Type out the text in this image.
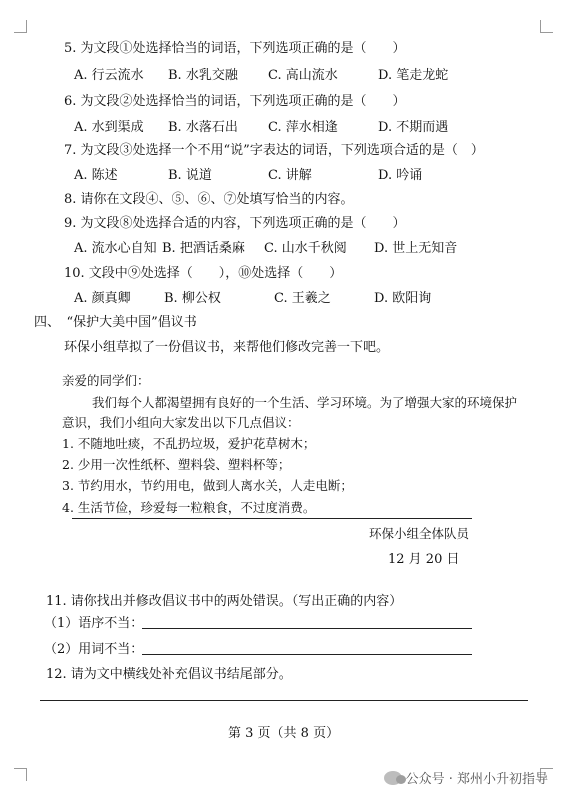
5. 为文段①处选择恰当的词语，下列选项正确的是（　　）
A. 行云流水 B. 水乳交融 C. 高山流水	D. 笔走龙蛇
6. 为文段②处选择恰当的词语，下列选项正确的是（　　）
A. 水到渠成 B. 水落石出 C. 萍水相逢	D. 不期而遇
7. 为文段③处选择一个不用“说”字表达的词语，下列选项合适的是（　）
A. 陈述	B. 说道	C. 讲解	D. 吟诵
8. 请你在文段④、⑤、⑥、⑦处填写恰当的内容。
9. 为文段⑧处选择合适的内容，下列选项正确的是（　　）
A. 流水心自知 B. 把酒话桑麻 C. 山水千秋阅 D. 世上无知音
10. 文段中⑨处选择（　　），⑩处选择（　　）
A. 颜真卿	B. 柳公权	C. 王羲之	D. 欧阳询
四、　“保护大美中国”倡议书
环保小组草拟了一份倡议书，来帮他们修改完善一下吧。
亲爱的同学们：
我们每个人都渴望拥有良好的一个生活、学习环境。为了增强大家的环境保护
意识，我们小组向大家发出以下几点倡议：
1. 不随地吐痰，不乱扔垃圾，爱护花草树木；
2. 少用一次性纸杯、塑料袋、塑料杯等；
3. 节约用水，节约用电，做到人离水关，人走电断；
4. 生活节俭，珍爱每一粒粮食，不过度消费。
环保小组全体队员
12 月 20 日
11. 请你找出并修改倡议书中的两处错误。（写出正确的内容）
（1）语序不当：
（2）用词不当：
12. 请为文中横线处补充倡议书结尾部分。
第 3 页（共 8 页）
公众号 · 郑州小升初指导
